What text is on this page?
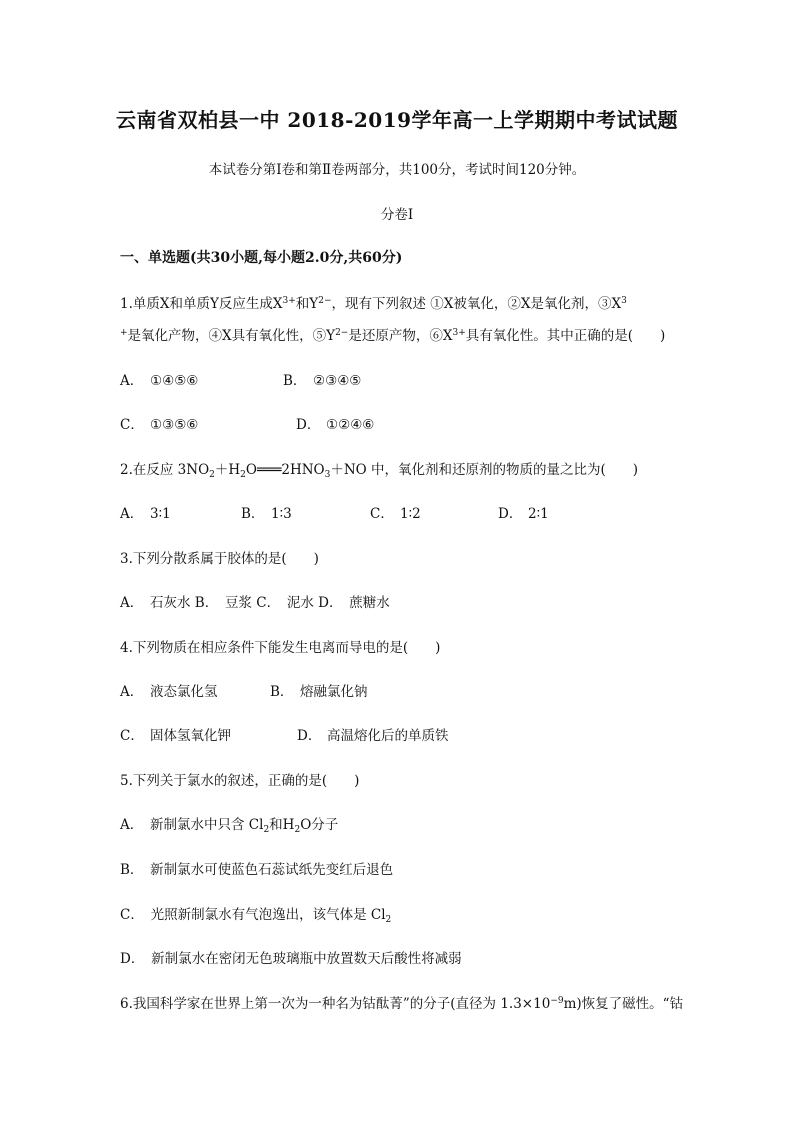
云南省双柏县一中 2018-2019学年高一上学期期中考试试题
本试卷分第Ⅰ卷和第Ⅱ卷两部分，共100分，考试时间120分钟。
分卷Ⅰ
一、单选题(共30小题,每小题2.0分,共60分)
1.单质X和单质Y反应生成$X^{3+}$和$Y^{2-}$，现有下列叙述 ①X被氧化，②X是氧化剂，$③X^3$
+是氧化产物，④X具有氧化性，$⑤Y^{2-}$是还原产物，$⑥X^{3+}$具有氧化性。其中正确的是(　　)
A． ①④⑤⑥	B． ②③④⑤
C． ①③⑤⑥	D． ①②④⑥
2.在反应 $3NO_2+H_2O═══2HNO_3+NO$ 中，氧化剂和还原剂的物质的量之比为(　　)
A． 3∶1	B． 1∶3	C． 1∶2	D． 2∶1
3.下列分散系属于胶体的是(　　)
A．　石灰水 B．　豆浆 C．　泥水 D．　蔗糖水
4.下列物质在相应条件下能发生电离而导电的是(　　)
A． 液态氯化氢	B． 熔融氯化钠
C． 固体氢氧化钾	D． 高温熔化后的单质铁
5.下列关于氯水的叙述，正确的是(　　)
A．　新制氯水中只含 $Cl_2$和$H_2O$分子
B．　新制氯水可使蓝色石蕊试纸先变红后退色
C．　光照新制氯水有气泡逸出，该气体是 $Cl_2$
D．　新制氯水在密闭无色玻璃瓶中放置数天后酸性将减弱
6.我国科学家在世界上第一次为一种名为钴酞菁”的分子(直径为 $1.3\times 10^{-9}m$)恢复了磁性。“钴
